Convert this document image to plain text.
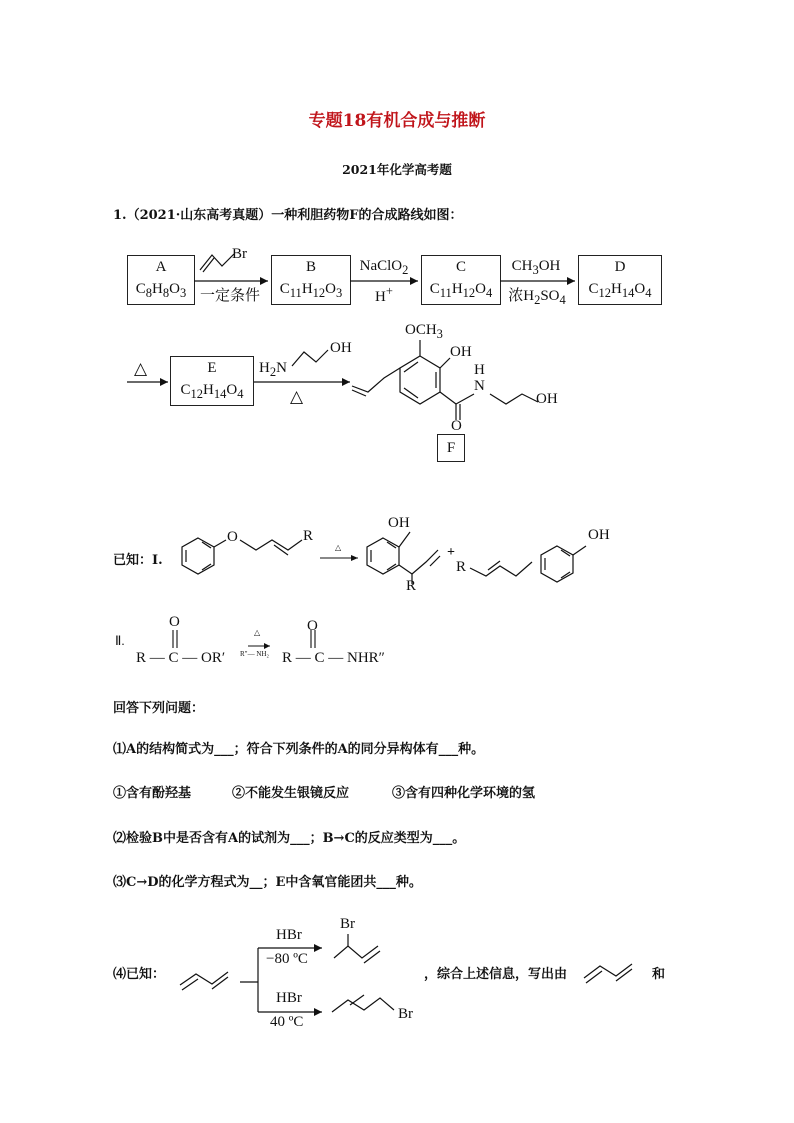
专题18有机合成与推断
2021年化学高考题
1.（2021·山东高考真题）一种利胆药物F的合成路线如图：
A
$C_8H_8O_3$
B
$C_{11}H_{12}O_3$
C
$C_{11}H_{12}O_4$
D
$C_{12}H_{14}O_4$
Br
一定条件
NaClO$_2$
H+
$CH_3OH$
浓$H_2SO_4$
△	E
$C_{12}H_{14}O_4$
$H_2N$
OH
△
$OCH_3$
OH
N
H
O
OH
F
已知：Ⅰ.
O	R
△
OH
R
+
R
OH
Ⅱ.
O
R — C — OR′
△
R″— NH₂
O
R — C — NHR″
回答下列问题：
⑴A的结构简式为___；符合下列条件的A的同分异构体有___种。
①含有酚羟基	②不能发生银镜反应	③含有四种化学环境的氢
⑵检验B中是否含有A的试剂为___；B→C的反应类型为___。
⑶C→D的化学方程式为__；E中含氧官能团共___种。
⑷已知：
HBr
−80 ºC
Br
HBr
40 ºC	Br
，综合上述信息，写出由	和
